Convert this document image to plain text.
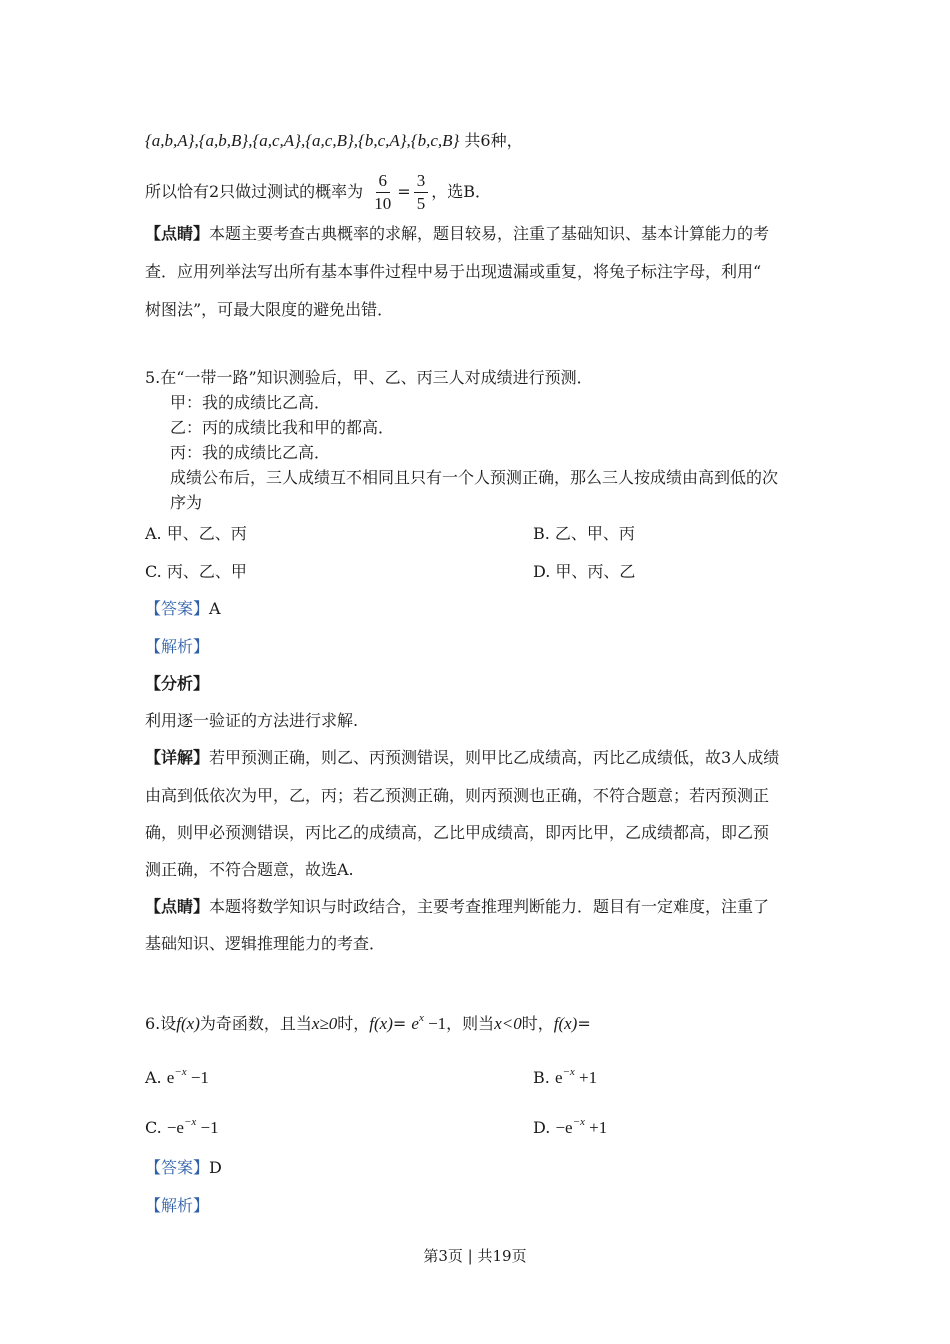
{a,b,A},{a,b,B},{a,c,A},{a,c,B},{b,c,A},{b,c,B} 共6种，
所以恰有2只做过测试的概率为 $\frac{6}{10} = \frac{3}{5}$ ，选B．
【点睛】本题主要考查古典概率的求解，题目较易，注重了基础知识、基本计算能力的考
查．应用列举法写出所有基本事件过程中易于出现遗漏或重复，将兔子标注字母，利用“
树图法”，可最大限度的避免出错．
5.在“一带一路”知识测验后，甲、乙、丙三人对成绩进行预测．
甲：我的成绩比乙高．
乙：丙的成绩比我和甲的都高．
丙：我的成绩比乙高．
成绩公布后，三人成绩互不相同且只有一个人预测正确，那么三人按成绩由高到低的次
序为
A. 甲、乙、丙	B. 乙、甲、丙
C. 丙、乙、甲	D. 甲、丙、乙
【答案】A
【解析】
【分析】
利用逐一验证的方法进行求解.
【详解】若甲预测正确，则乙、丙预测错误，则甲比乙成绩高，丙比乙成绩低，故3人成绩
由高到低依次为甲，乙，丙；若乙预测正确，则丙预测也正确，不符合题意；若丙预测正
确，则甲必预测错误，丙比乙的成绩高，乙比甲成绩高，即丙比甲，乙成绩都高，即乙预
测正确，不符合题意，故选A.
【点睛】本题将数学知识与时政结合，主要考查推理判断能力．题目有一定难度，注重了
基础知识、逻辑推理能力的考查．
6.设f(x)为奇函数，且当x≥0时，$f(x)= e^x -1$，则当x<0时，f(x)=
A. $e^{-x} -1$	B. $e^{-x} +1$
C. $-e^{-x} -1$	D. $-e^{-x} +1$
【答案】D
【解析】
第3页 | 共19页
